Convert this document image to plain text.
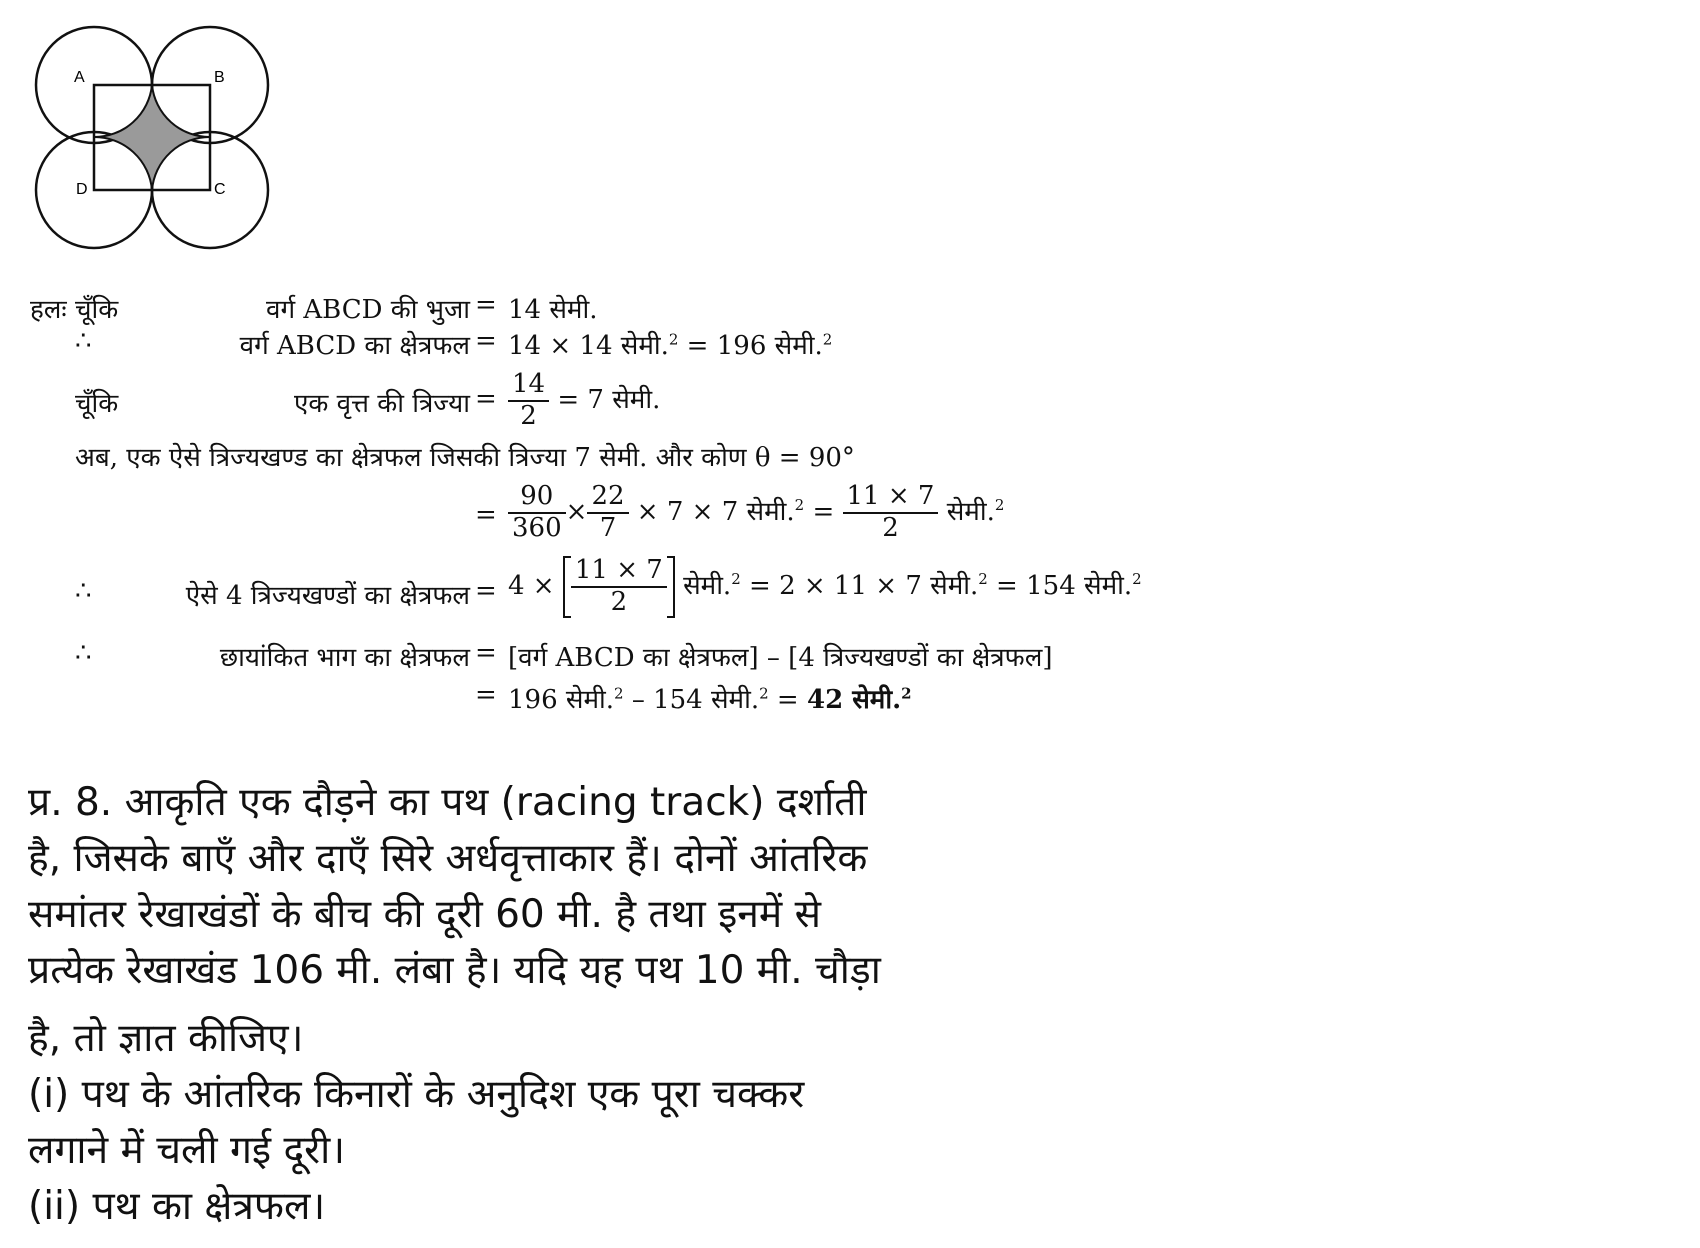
A	B
D	C
हलः चूँकि	वर्ग ABCD की भुजा = 14 सेमी.
∴	वर्ग ABCD का क्षेत्रफल = 14 × 14 सेमी.$^2$ = 196 सेमी.$^2$
चूँकि	एक वृत्त की त्रिज्या = $\frac{14}{2} = 7$ सेमी.
अब, एक ऐसे त्रिज्यखण्ड का क्षेत्रफल जिसकी त्रिज्या 7 सेमी. और कोण θ = 90°
= $\frac{90}{360} \times \frac{22}{7} \times 7 \times 7$ सेमी.$^2$ = $\frac{11 \times 7}{2}$ सेमी.$^2$
∴	ऐसे 4 त्रिज्यखण्डों का क्षेत्रफल = $4 \times \frac{11 \times 7}{2}$ सेमी.$^2$ = 2 × 11 × 7 सेमी.$^2$ = 154 सेमी.$^2$
∴	छायांकित भाग का क्षेत्रफल = [वर्ग ABCD का क्षेत्रफल] – [4 त्रिज्यखण्डों का क्षेत्रफल]
= 196 सेमी.$^2$ – 154 सेमी.$^2$ = 42 सेमी.$^2$

प्र. 8. आकृति एक दौड़ने का पथ (racing track) दर्शाती

है, जिसके बाएँ और दाएँ सिरे अर्धवृत्ताकार हैं। दोनों आंतरिक

समांतर रेखाखंडों के बीच की दूरी 60 मी. है तथा इनमें से

प्रत्येक रेखाखंड 106 मी. लंबा है। यदि यह पथ 10 मी. चौड़ा

है, तो ज्ञात कीजिए।

(i) पथ के आंतरिक किनारों के अनुदिश एक पूरा चक्कर

लगाने में चली गई दूरी।

(ii) पथ का क्षेत्रफल।
